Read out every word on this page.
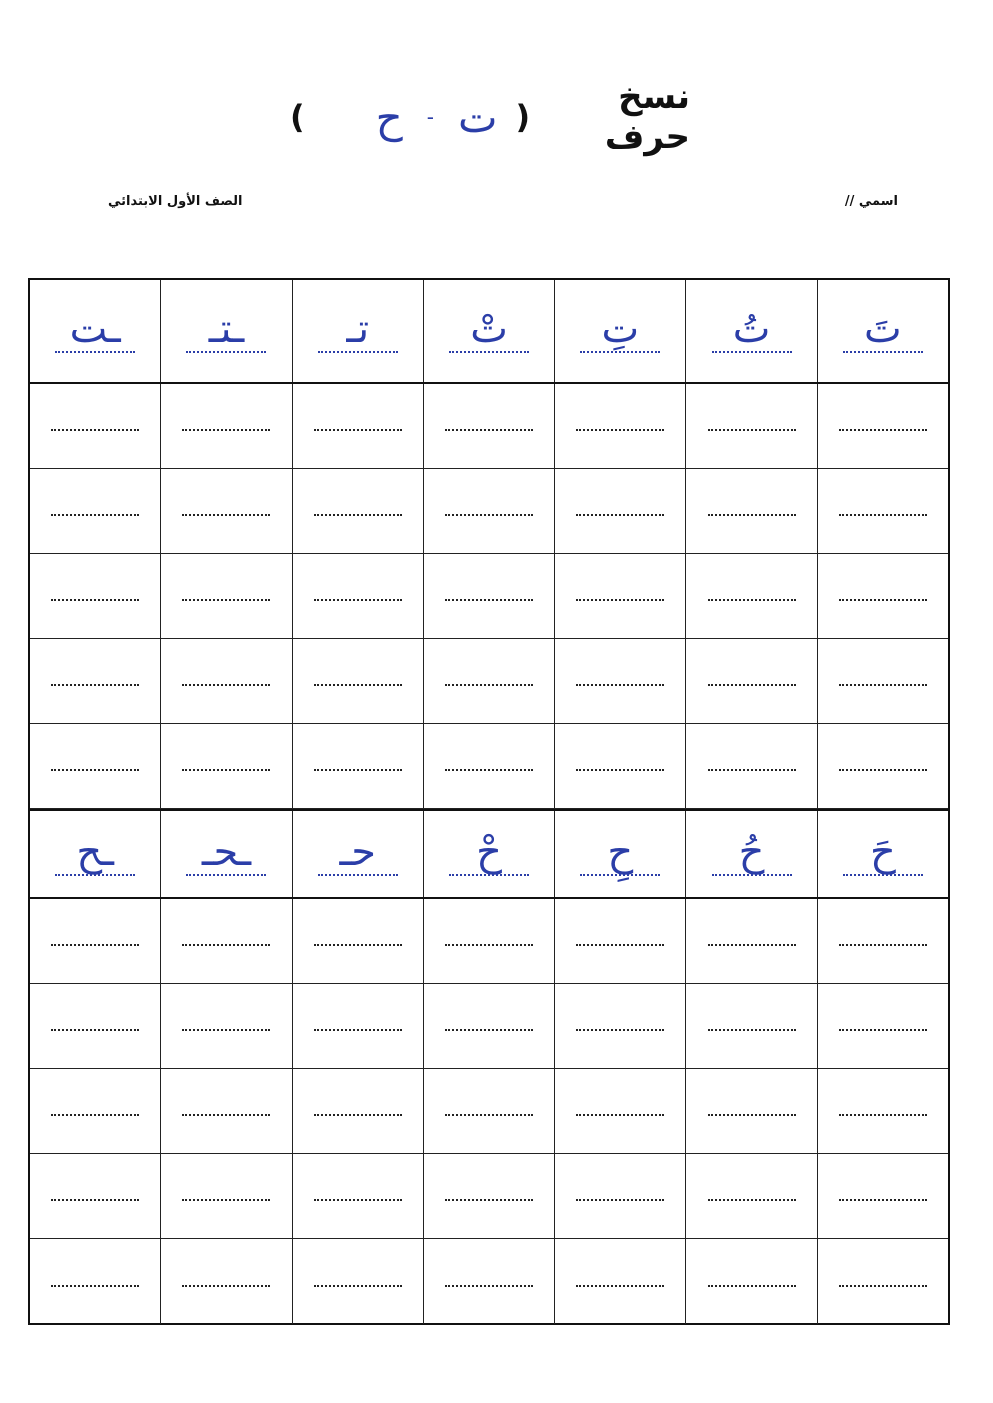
نسخ حرف
(
ت
-
ح
)
اسمي //
الصف الأول الابتدائي
تَ
تُ
تِ
تْ
تـ
ـتـ
ـت
حَ
حُ
حِ
حْ
حـ
ـحـ
ـح
